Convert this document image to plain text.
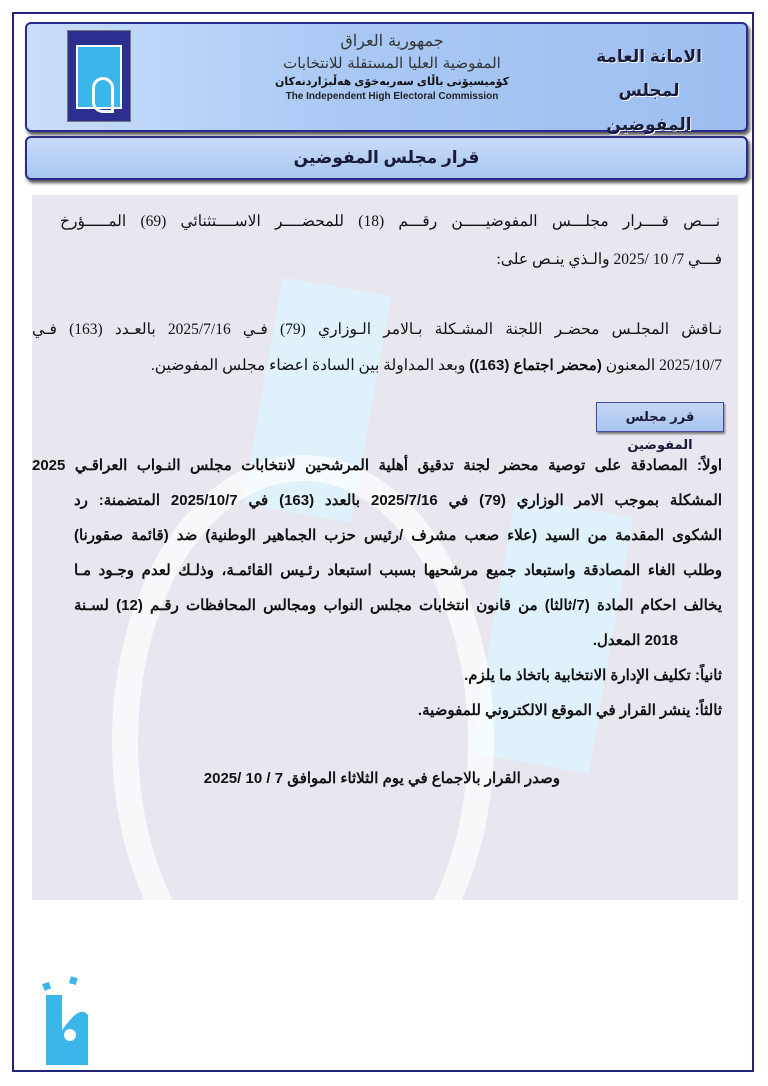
جمهورية العراق
المفوضية العليا المستقلة للانتخابات
كۆمیسیۆنی باڵای سەربەخۆی هەڵبژاردنەکان
The Independent High Electoral Commission
الامانة العامة
لمجلس المفوضين
قرار مجلس المفوضين
نـــص قــــرار مجلـــس المفوضيـــــن رقـــم (18) للمحضــــر الاســــتثنائي (69) المـــــؤرخ
فـــي 7/ 10 /2025 والـذي ينـص على:
نـاقش المجلـس محضـر اللجنة المشـكلة بـالامر الـوزاري (79) فـي 2025/7/16 بالعـدد (163) فـي
2025/10/7 المعنون (محضر اجتماع (163)) وبعد المداولة بين السادة اعضاء مجلس المفوضين.
قرر مجلس المفوضين
اولاً: المصادقة على توصية محضر لجنة تدقيق أهلية المرشحين لانتخابات مجلس النـواب العراقـي 2025
المشكلة بموجب الامر الوزاري (79) في 2025/7/16 بالعدد (163) في 2025/10/7 المتضمنة: رد
الشكوى المقدمة من السيد (علاء صعب مشرف /رئيس حزب الجماهير الوطنية) ضد (قائمة صقورنا)
وطلب الغاء المصادقة واستبعاد جميع مرشحيها بسبب استبعاد رئـيس القائمـة، وذلـك لعدم وجـود مـا
يخالف احكام المادة (7/ثالثا) من قانون انتخابات مجلس النواب ومجالس المحافظات رقـم (12) لسـنة
2018 المعدل.
ثانياً: تكليف الإدارة الانتخابية باتخاذ ما يلزم.
ثالثاً: ينشر القرار في الموقع الالكتروني للمفوضية.
وصدر القرار بالاجماع في يوم الثلاثاء الموافق 7 / 10 /2025
